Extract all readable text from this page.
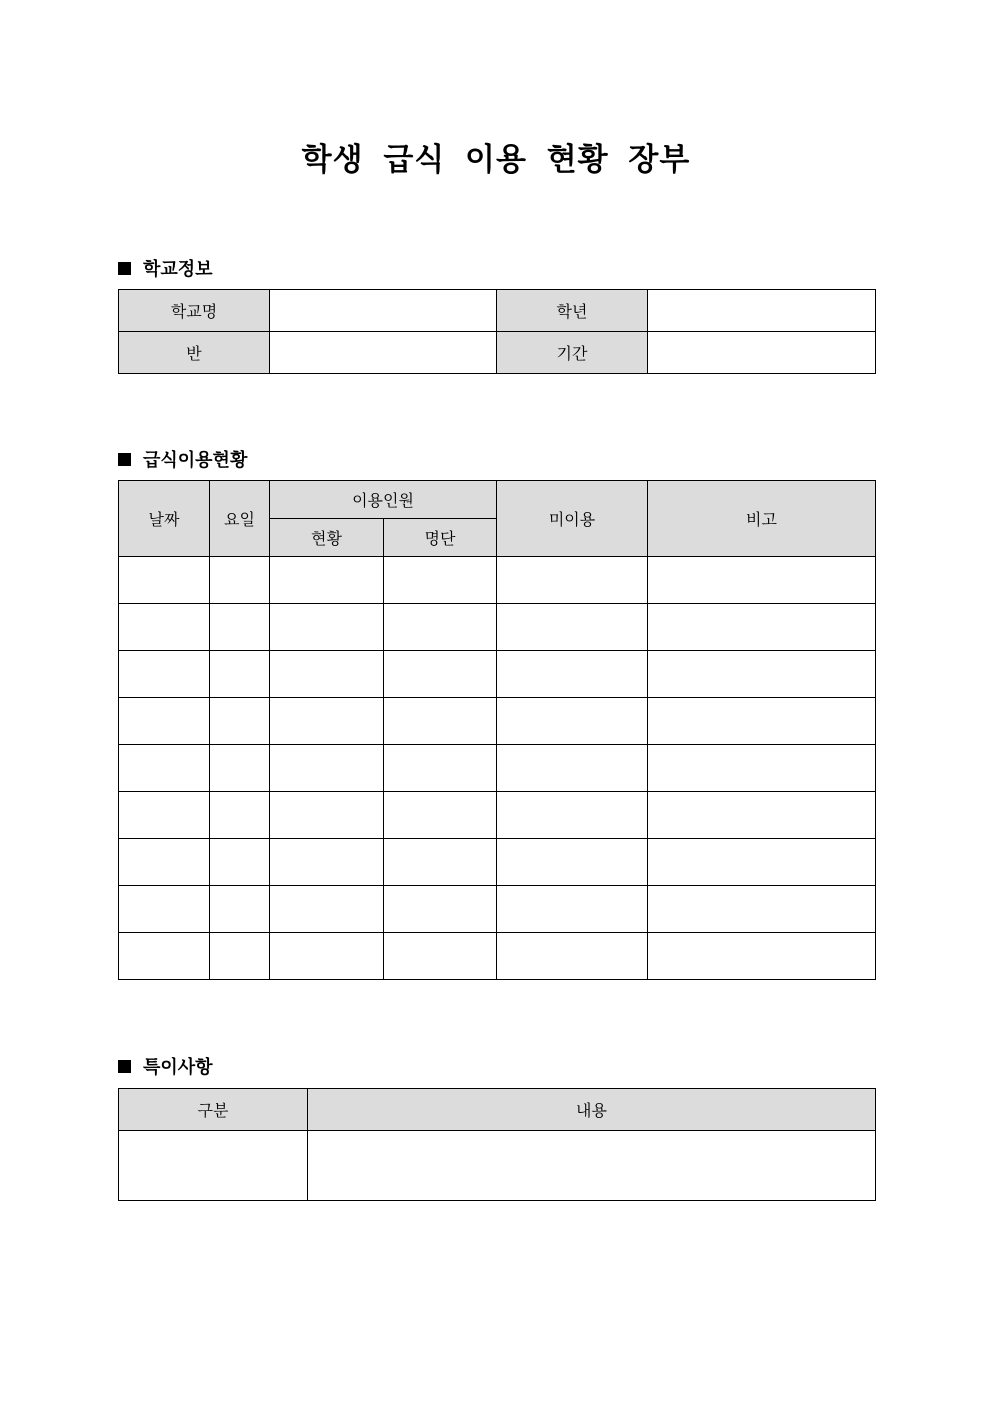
학생 급식 이용 현황 장부
학교정보
학교명		학년	
반		기간	
급식이용현황
날짜	요일	이용인원		미이용	비고
		현황	명단		

특이사항
구분	내용
